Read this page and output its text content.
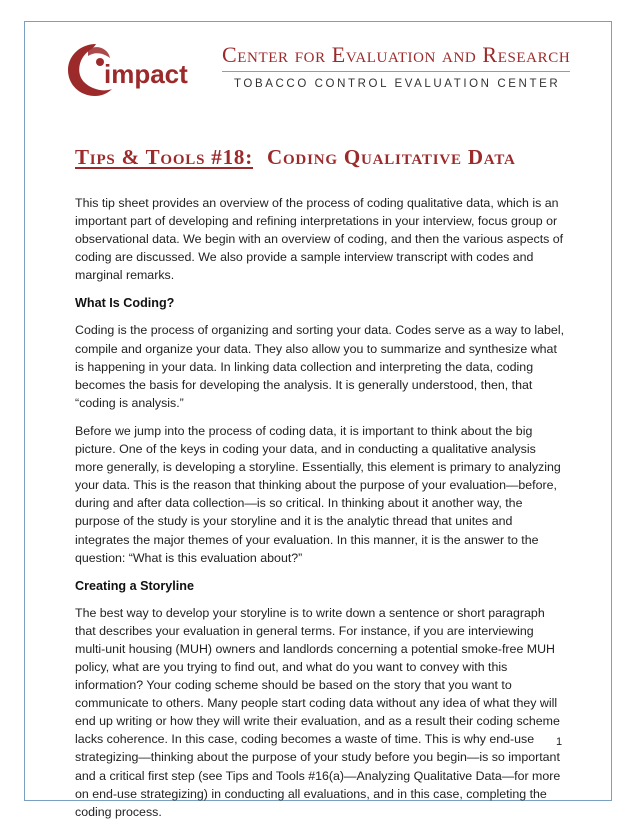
impact
Center for Evaluation and Research
TOBACCO CONTROL EVALUATION CENTER
Tips & Tools #18: Coding Qualitative Data

This tip sheet provides an overview of the process of coding qualitative data, which is an important part of developing and refining interpretations in your interview, focus group or observational data. We begin with an overview of coding, and then the various aspects of coding are discussed. We also provide a sample interview transcript with codes and marginal remarks.

What Is Coding?

Coding is the process of organizing and sorting your data. Codes serve as a way to label, compile and organize your data. They also allow you to summarize and synthesize what is happening in your data. In linking data collection and interpreting the data, coding becomes the basis for developing the analysis. It is generally understood, then, that “coding is analysis.”

Before we jump into the process of coding data, it is important to think about the big picture. One of the keys in coding your data, and in conducting a qualitative analysis more generally, is developing a storyline. Essentially, this element is primary to analyzing your data. This is the reason that thinking about the purpose of your evaluation—before, during and after data collection—is so critical. In thinking about it another way, the purpose of the study is your storyline and it is the analytic thread that unites and integrates the major themes of your evaluation. In this manner, it is the answer to the question: “What is this evaluation about?”

Creating a Storyline

The best way to develop your storyline is to write down a sentence or short paragraph that describes your evaluation in general terms. For instance, if you are interviewing multi-unit housing (MUH) owners and landlords concerning a potential smoke-free MUH policy, what are you trying to find out, and what do you want to convey with this information? Your coding scheme should be based on the story that you want to communicate to others. Many people start coding data without any idea of what they will end up writing or how they will write their evaluation, and as a result their coding scheme lacks coherence. In this case, coding becomes a waste of time. This is why end-use strategizing—thinking about the purpose of your study before you begin—is so important and a critical first step (see Tips and Tools #16(a)—Analyzing Qualitative Data—for more on end-use strategizing) in conducting all evaluations, and in this case, completing the coding process.

1
